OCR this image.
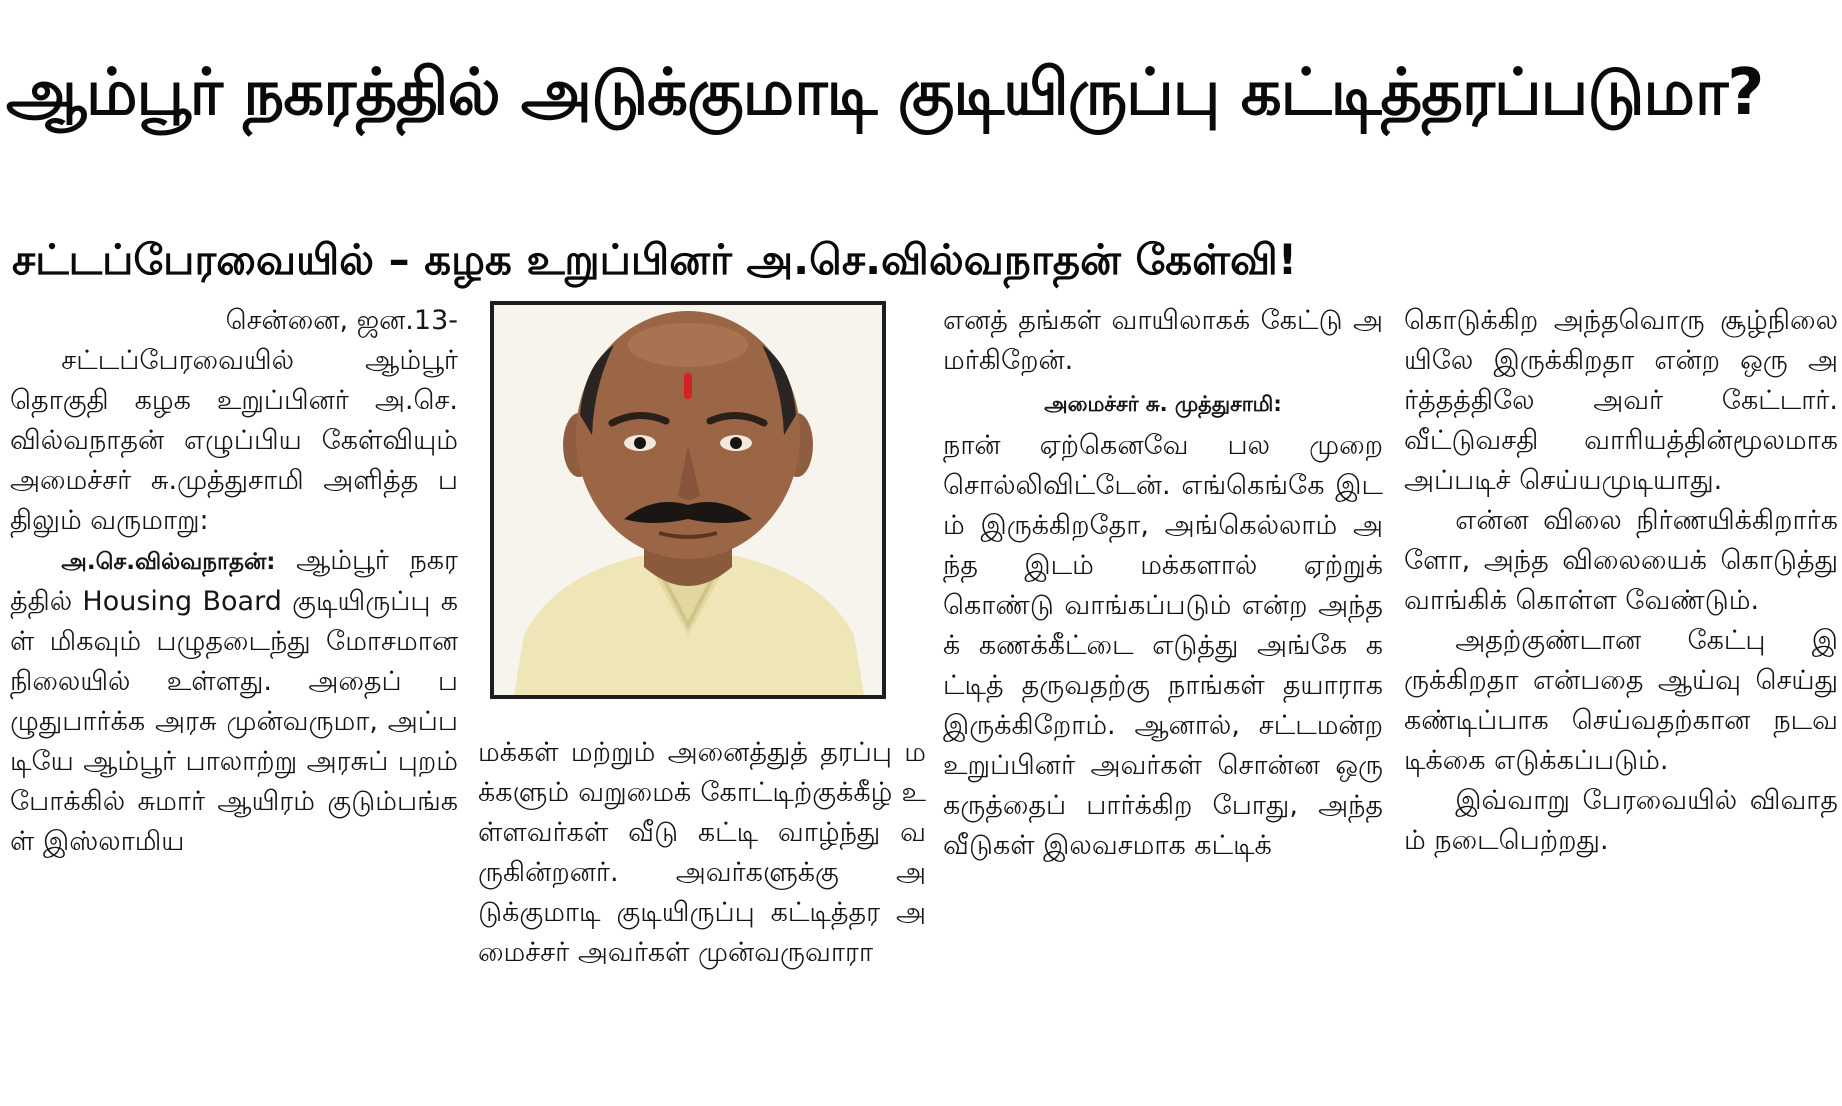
ஆம்பூர் நகரத்தில் அடுக்குமாடி குடியிருப்பு கட்டித்தரப்படுமா?
சட்டப்பேரவையில் – கழக உறுப்பினர் அ.செ.வில்வநாதன் கேள்வி!

சென்னை, ஜன.13-

சட்டப்பேரவையில் ஆம்பூர் தொகுதி கழக உறுப்பினர் அ.செ. வில்வநாதன் எழுப்பிய கேள்வியும் அமைச்சர் சு.முத்துசாமி அளித்த பதிலும் வருமாறு:

அ.செ.வில்வநாதன்: ஆம்பூர் நகரத்தில் Housing Board குடியிருப்பு கள் மிகவும் பழுதடைந்து மோசமான நிலையில் உள்ளது. அதைப் பழுதுபார்க்க அரசு முன்வருமா, அப்படியே ஆம்பூர் பாலாற்று அரசுப் புறம் போக்கில் சுமார் ஆயிரம் குடும்பங்கள் இஸ்லாமிய

மக்கள் மற்றும் அனைத்துத் தரப்பு மக்களும் வறுமைக் கோட்டிற்குக்கீழ் உள்ளவர்கள் வீடு கட்டி வாழ்ந்து வருகின்றனர். அவர்களுக்கு அடுக்குமாடி குடியிருப்பு கட்டித்தர அமைச்சர் அவர்கள் முன்வருவாரா

எனத் தங்கள் வாயிலாகக் கேட்டு அமர்கிறேன்.

அமைச்சர் சு. முத்துசாமி:

நான் ஏற்கெனவே பல முறை சொல்லிவிட்டேன். எங்கெங்கே இடம் இருக்கிறதோ, அங்கெல்லாம் அந்த இடம் மக்களால் ஏற்றுக் கொண்டு வாங்கப்படும் என்ற அந்தக் கணக்கீட்டை எடுத்து அங்கே கட்டித் தருவதற்கு நாங்கள் தயாராக இருக்கிறோம். ஆனால், சட்டமன்ற உறுப்பினர் அவர்கள் சொன்ன ஒரு கருத்தைப் பார்க்கிற போது, அந்த வீடுகள் இலவசமாக கட்டிக்

கொடுக்கிற அந்தவொரு சூழ்நிலை யிலே இருக்கிறதா என்ற ஒரு அர்த்தத்திலே அவர் கேட்டார். வீட்டுவசதி வாரியத்தின்மூலமாக அப்படிச் செய்யமுடியாது.

என்ன விலை நிர்ணயிக்கிறார்களோ, அந்த விலையைக் கொடுத்து வாங்கிக் கொள்ள வேண்டும்.

அதற்குண்டான கேட்பு இருக்கிறதா என்பதை ஆய்வு செய்து கண்டிப்பாக செய்வதற்கான நடவடிக்கை எடுக்கப்படும்.

இவ்வாறு பேரவையில் விவாதம் நடைபெற்றது.
